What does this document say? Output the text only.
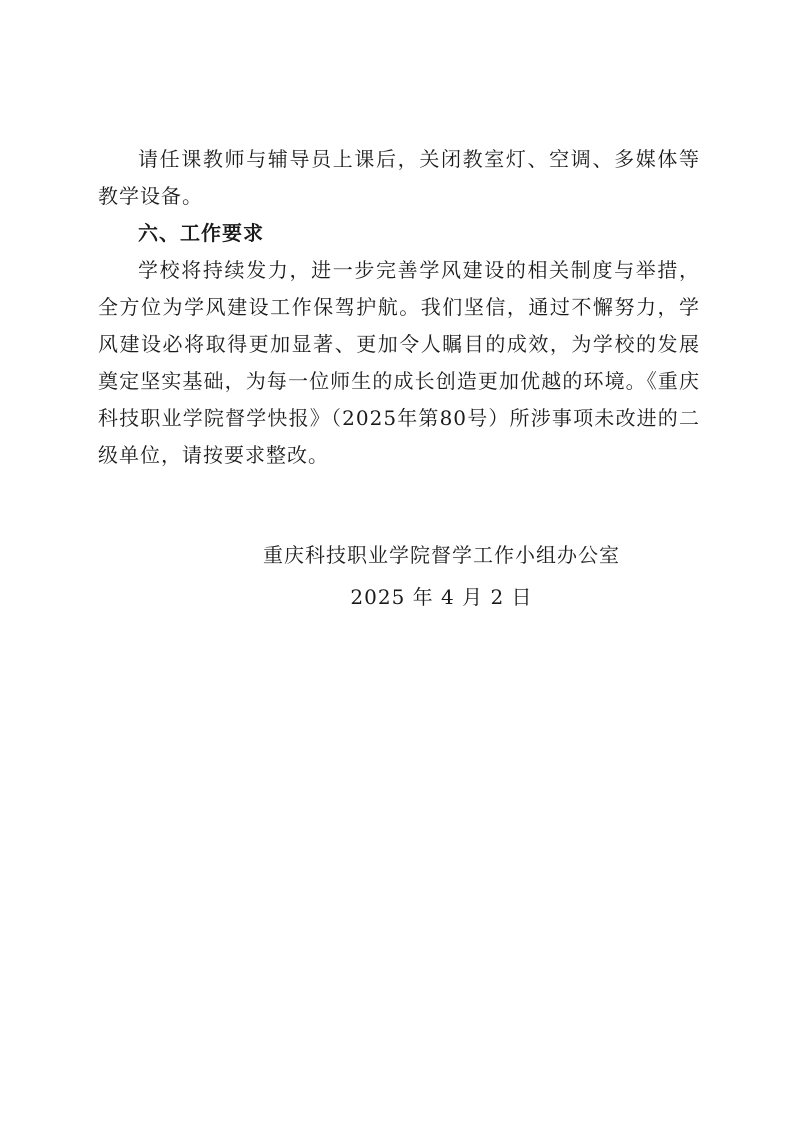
请任课教师与辅导员上课后，关闭教室灯、空调、多媒体等教学设备。

六、工作要求

学校将持续发力，进一步完善学风建设的相关制度与举措，全方位为学风建设工作保驾护航。我们坚信，通过不懈努力，学风建设必将取得更加显著、更加令人瞩目的成效，为学校的发展奠定坚实基础，为每一位师生的成长创造更加优越的环境。《重庆科技职业学院督学快报》（2025年第80号）所涉事项未改进的二级单位，请按要求整改。

重庆科技职业学院督学工作小组办公室
2025 年 4 月 2 日
